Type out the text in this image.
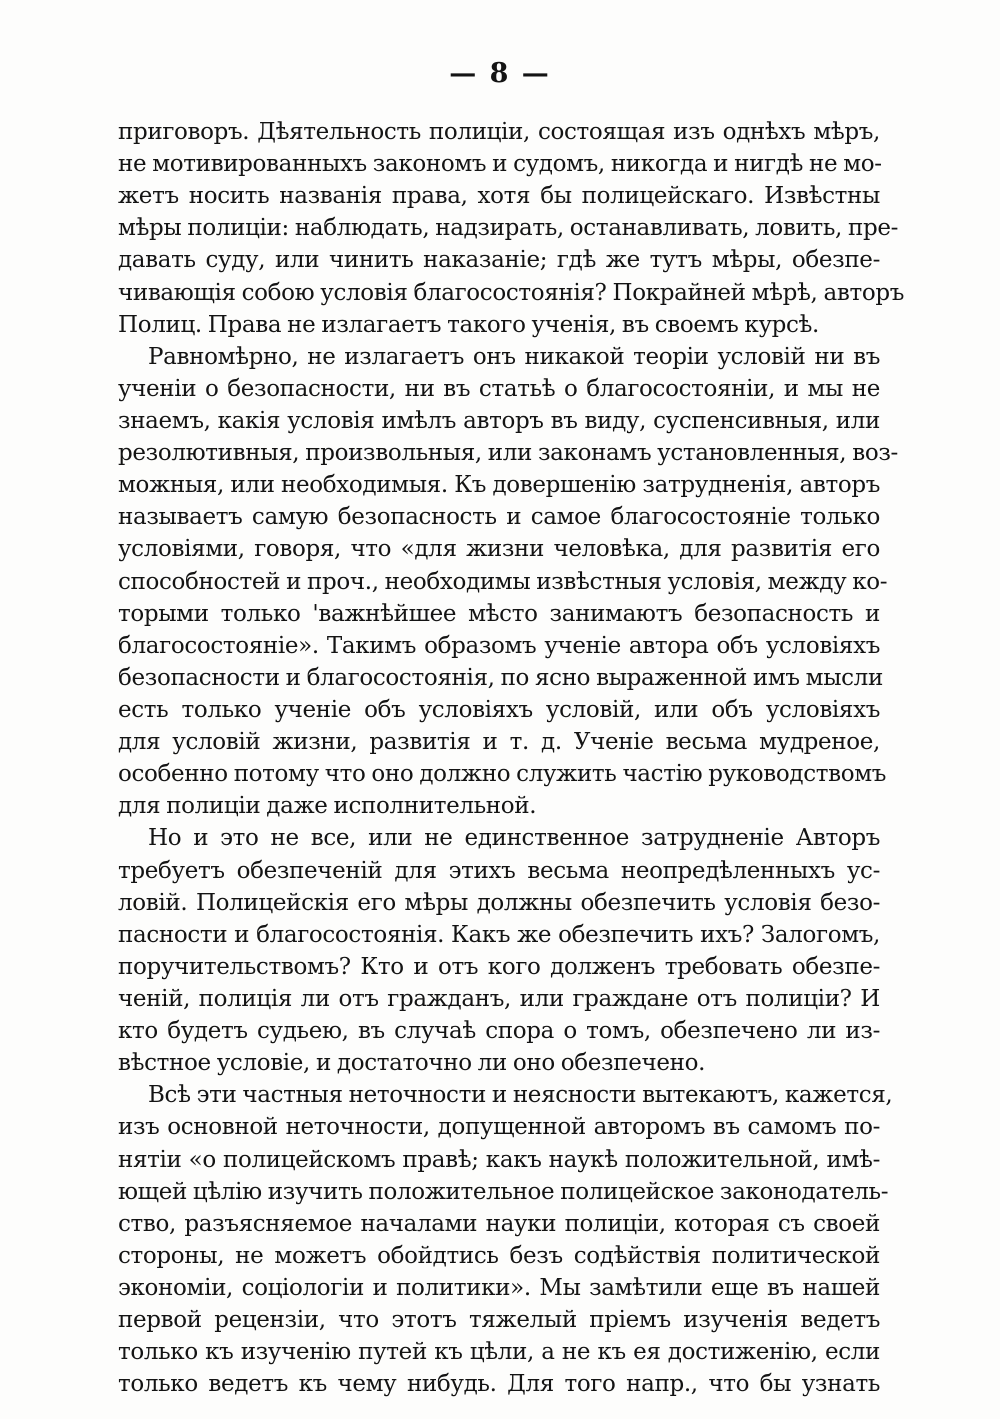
— 8 —
приговоръ. Дѣятельность полиціи, состоящая изъ однѣхъ мѣръ,
не мотивированныхъ закономъ и судомъ, никогда и нигдѣ не мо-
жетъ носить названія права, хотя бы полицейскаго. Извѣстны
мѣры полиціи: наблюдать, надзирать, останавливать, ловить, пре-
давать суду, или чинить наказаніе; гдѣ же тутъ мѣры, обезпе-
чивающія собою условія благосостоянія? Покрайней мѣрѣ, авторъ
Полиц. Права не излагаетъ такого ученія, въ своемъ курсѣ.
Равномѣрно, не излагаетъ онъ никакой теоріи условій ни въ
ученіи о безопасности, ни въ статьѣ о благосостояніи, и мы не
знаемъ, какія условія имѣлъ авторъ въ виду, суспенсивныя, или
резолютивныя, произвольныя, или законамъ установленныя, воз-
можныя, или необходимыя. Къ довершенію затрудненія, авторъ
называетъ самую безопасность и самое благосостояніе только
условіями, говоря, что «для жизни человѣка, для развитія его
способностей и проч., необходимы извѣстныя условія, между ко-
торыми только 'важнѣйшее мѣсто занимаютъ безопасность и
благосостояніе». Такимъ образомъ ученіе автора объ условіяхъ
безопасности и благосостоянія, по ясно выраженной имъ мысли
есть только ученіе объ условіяхъ условій, или объ условіяхъ
для условій жизни, развитія и т. д. Ученіе весьма мудреное,
особенно потому что оно должно служить частію руководствомъ
для полиціи даже исполнительной.
Но и это не все, или не единственное затрудненіе Авторъ
требуетъ обезпеченій для этихъ весьма неопредѣленныхъ ус-
ловій. Полицейскія его мѣры должны обезпечить условія безо-
пасности и благосостоянія. Какъ же обезпечить ихъ? Залогомъ,
поручительствомъ? Кто и отъ кого долженъ требовать обезпе-
ченій, полиція ли отъ гражданъ, или граждане отъ полиціи? И
кто будетъ судьею, въ случаѣ спора о томъ, обезпечено ли из-
вѣстное условіе, и достаточно ли оно обезпечено.
Всѣ эти частныя неточности и неясности вытекаютъ, кажется,
изъ основной неточности, допущенной авторомъ въ самомъ по-
нятіи «о полицейскомъ правѣ; какъ наукѣ положительной, имѣ-
ющей цѣлію изучить положительное полицейское законодатель-
ство, разъясняемое началами науки полиціи, которая съ своей
стороны, не можетъ обойдтись безъ содѣйствія политической
экономіи, соціологіи и политики». Мы замѣтили еще въ нашей
первой рецензіи, что этотъ тяжелый пріемъ изученія ведетъ
только къ изученію путей къ цѣли, а не къ ея достиженію, если
только ведетъ къ чему нибудь. Для того напр., что бы узнать
